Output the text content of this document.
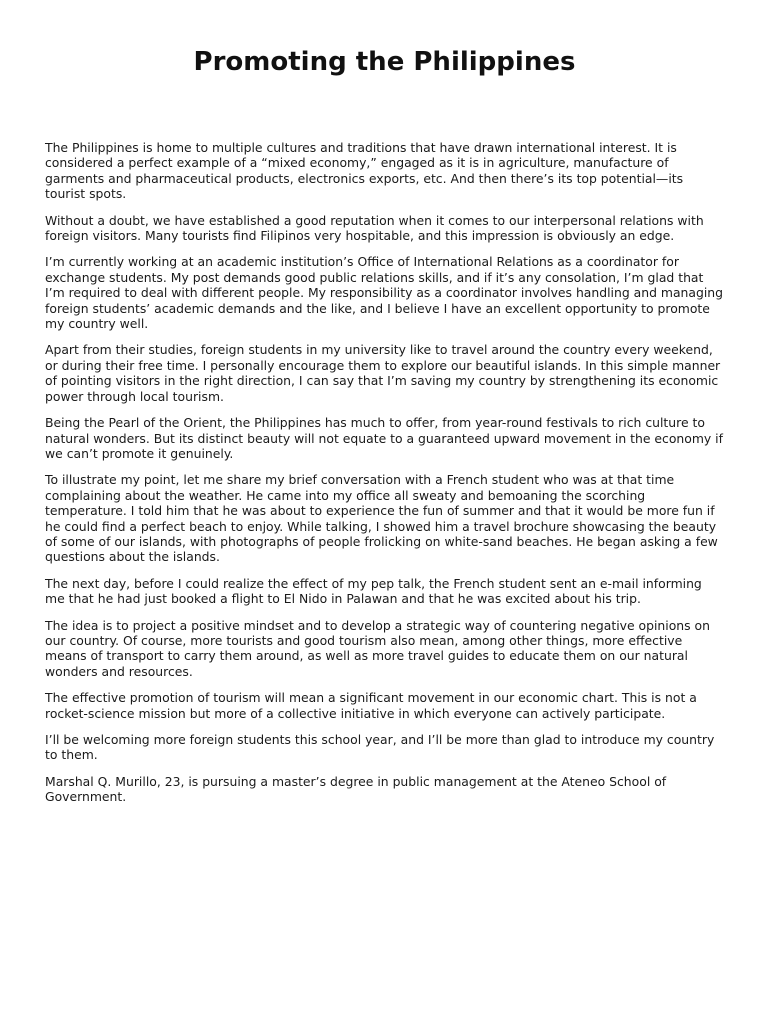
Promoting the Philippines

The Philippines is home to multiple cultures and traditions that have drawn international interest. It is considered a perfect example of a “mixed economy,” engaged as it is in agriculture, manufacture of garments and pharmaceutical products, electronics exports, etc. And then there’s its top potential—its tourist spots.

Without a doubt, we have established a good reputation when it comes to our interpersonal relations with foreign visitors. Many tourists find Filipinos very hospitable, and this impression is obviously an edge.

I’m currently working at an academic institution’s Office of International Relations as a coordinator for exchange students. My post demands good public relations skills, and if it’s any consolation, I’m glad that I’m required to deal with different people. My responsibility as a coordinator involves handling and managing foreign students’ academic demands and the like, and I believe I have an excellent opportunity to promote my country well.

Apart from their studies, foreign students in my university like to travel around the country every weekend, or during their free time. I personally encourage them to explore our beautiful islands. In this simple manner of pointing visitors in the right direction, I can say that I’m saving my country by strengthening its economic power through local tourism.

Being the Pearl of the Orient, the Philippines has much to offer, from year-round festivals to rich culture to natural wonders. But its distinct beauty will not equate to a guaranteed upward movement in the economy if we can’t promote it genuinely.

To illustrate my point, let me share my brief conversation with a French student who was at that time complaining about the weather. He came into my office all sweaty and bemoaning the scorching temperature. I told him that he was about to experience the fun of summer and that it would be more fun if he could find a perfect beach to enjoy. While talking, I showed him a travel brochure showcasing the beauty of some of our islands, with photographs of people frolicking on white-sand beaches. He began asking a few questions about the islands.

The next day, before I could realize the effect of my pep talk, the French student sent an e-mail informing me that he had just booked a flight to El Nido in Palawan and that he was excited about his trip.

The idea is to project a positive mindset and to develop a strategic way of countering negative opinions on our country. Of course, more tourists and good tourism also mean, among other things, more effective means of transport to carry them around, as well as more travel guides to educate them on our natural wonders and resources.

The effective promotion of tourism will mean a significant movement in our economic chart. This is not a rocket-science mission but more of a collective initiative in which everyone can actively participate.

I’ll be welcoming more foreign students this school year, and I’ll be more than glad to introduce my country to them.

Marshal Q. Murillo, 23, is pursuing a master’s degree in public management at the Ateneo School of Government.
